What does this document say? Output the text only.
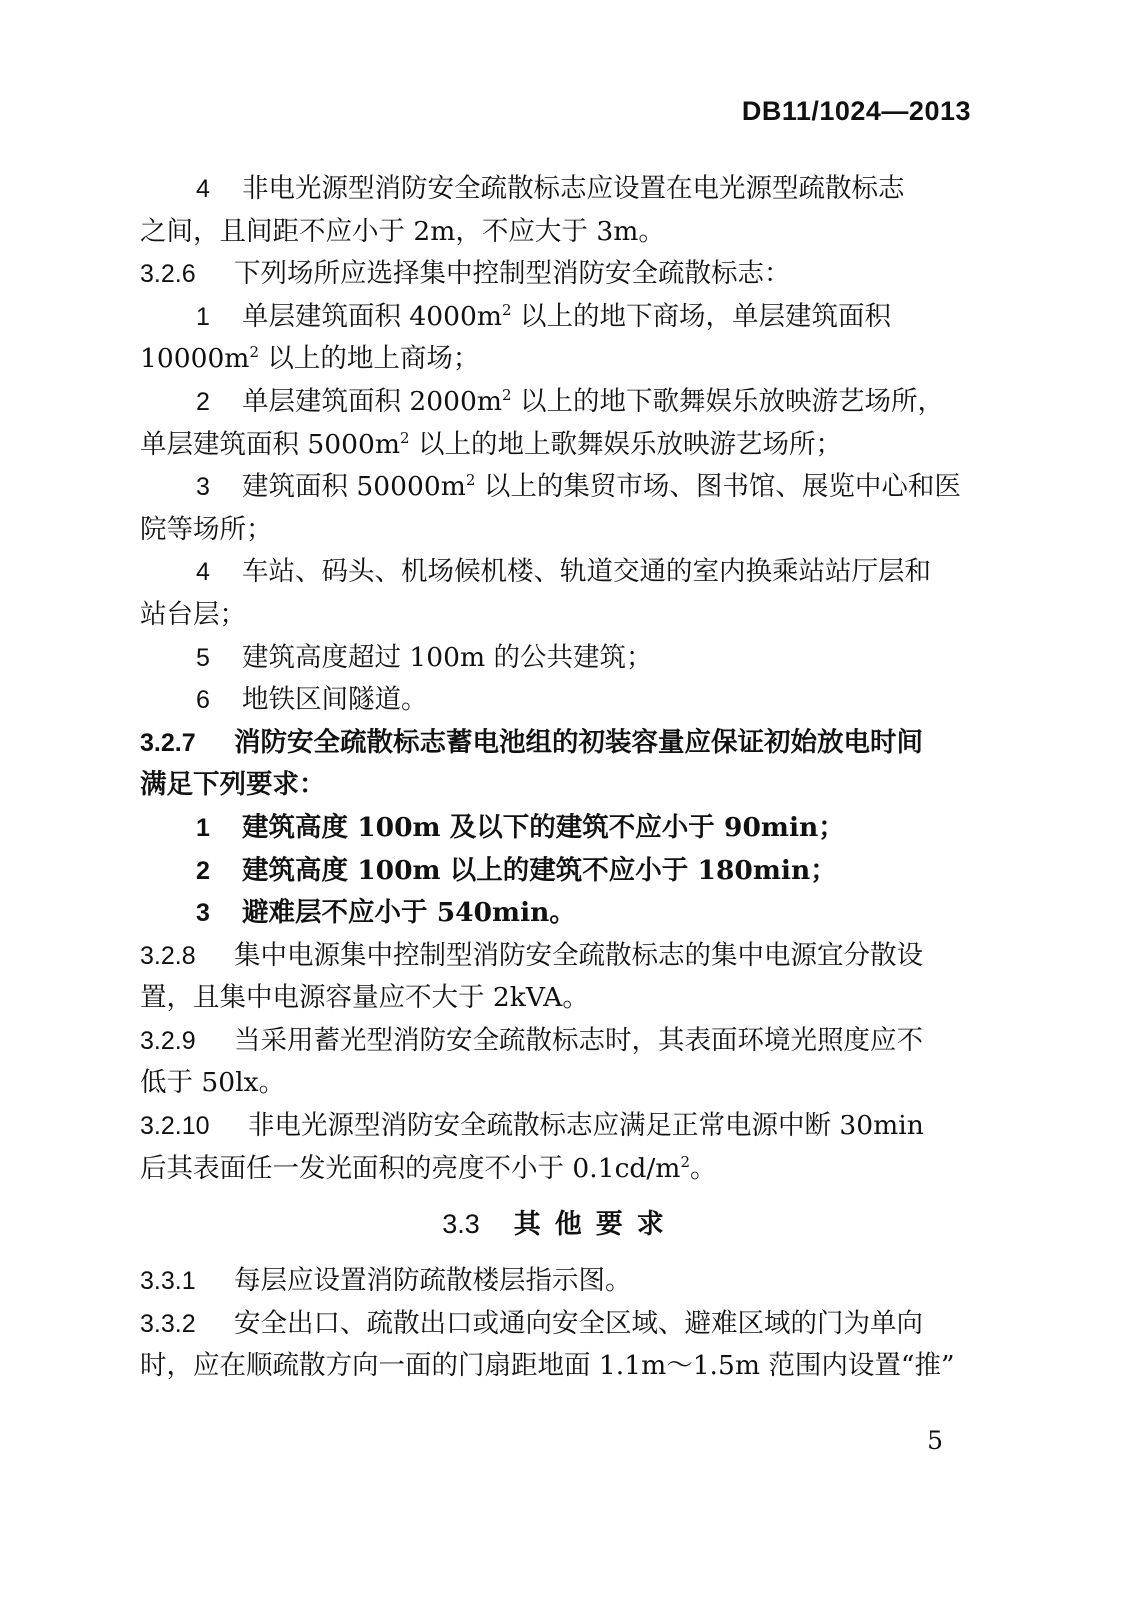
DB11/1024—2013
4 非电光源型消防安全疏散标志应设置在电光源型疏散标志
之间，且间距不应小于 2m，不应大于 3m。
3.2.6 下列场所应选择集中控制型消防安全疏散标志：
1 单层建筑面积 $4000m^2$ 以上的地下商场，单层建筑面积
$10000m^2$ 以上的地上商场；
2 单层建筑面积 $2000m^2$ 以上的地下歌舞娱乐放映游艺场所，
单层建筑面积 $5000m^2$ 以上的地上歌舞娱乐放映游艺场所；
3 建筑面积 $50000m^2$ 以上的集贸市场、图书馆、展览中心和医
院等场所；
4 车站、码头、机场候机楼、轨道交通的室内换乘站站厅层和
站台层；
5 建筑高度超过 100m 的公共建筑；
6 地铁区间隧道。
3.2.7 消防安全疏散标志蓄电池组的初装容量应保证初始放电时间
满足下列要求：
1 建筑高度 100m 及以下的建筑不应小于 90min；
2 建筑高度 100m 以上的建筑不应小于 180min；
3 避难层不应小于 540min。
3.2.8 集中电源集中控制型消防安全疏散标志的集中电源宜分散设
置，且集中电源容量应不大于 2kVA。
3.2.9 当采用蓄光型消防安全疏散标志时，其表面环境光照度应不
低于 50lx。
3.2.10 非电光源型消防安全疏散标志应满足正常电源中断 30min
后其表面任一发光面积的亮度不小于 $0.1cd/m^2$。
3.3 其他要求
3.3.1 每层应设置消防疏散楼层指示图。
3.3.2 安全出口、疏散出口或通向安全区域、避难区域的门为单向
时，应在顺疏散方向一面的门扇距地面 1.1m～1.5m 范围内设置“推”
5
